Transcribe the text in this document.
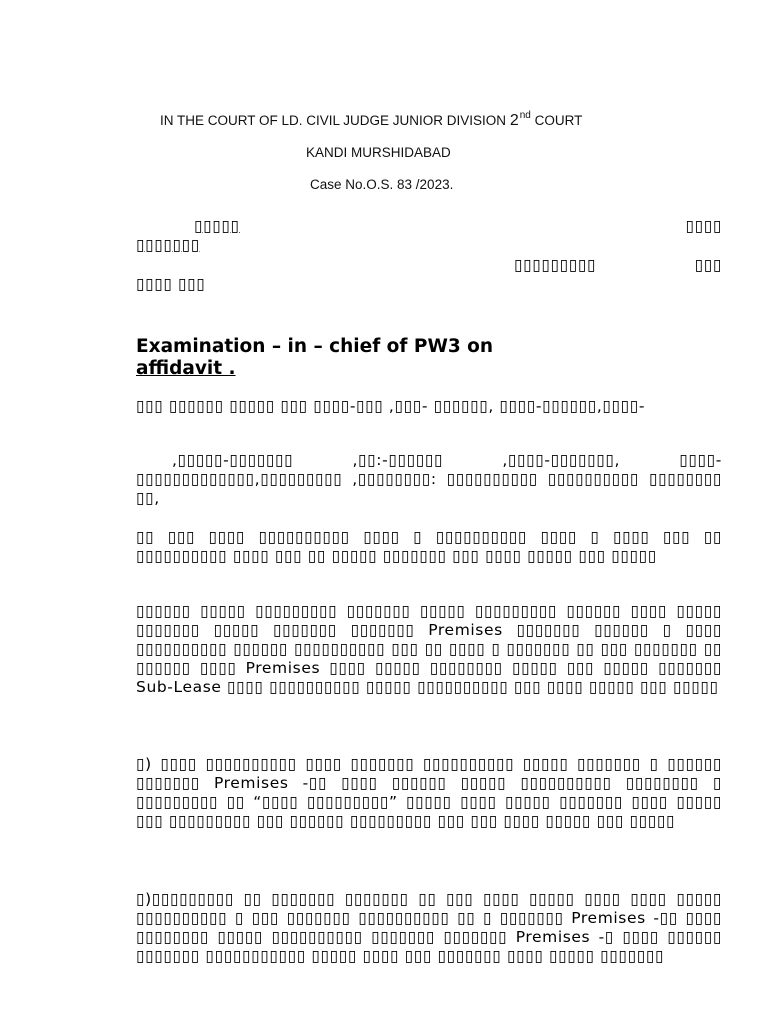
IN THE COURT OF LD. CIVIL JUDGE JUNIOR DIVISION 2nd COURT
KANDI MURSHIDABAD
Case No.O.S. 83 /2023.
▯▯▯▯▯	▯▯▯▯
▯▯▯▯▯▯▯
▯▯▯▯▯▯▯▯▯	▯▯▯
▯▯▯▯ ▯▯▯
Examination – in – chief of PW3 on
affidavit .
▯▯▯ ▯▯▯▯▯▯ ▯▯▯▯▯ ▯▯▯ ▯▯▯▯-▯▯▯ ,▯▯▯- ▯▯▯▯▯▯, ▯▯▯▯-▯▯▯▯▯▯,▯▯▯▯-
,▯▯▯▯▯-▯▯▯▯▯▯▯ ,▯▯:-▯▯▯▯▯▯ ,▯▯▯▯-▯▯▯▯▯▯▯, ▯▯▯▯- ▯▯▯▯▯▯▯▯▯▯▯▯▯,▯▯▯▯▯▯▯▯▯ ,▯▯▯▯▯▯▯▯: ▯▯▯▯▯▯▯▯▯▯ ▯▯▯▯▯▯▯▯▯▯ ▯▯▯▯▯▯▯▯ ▯▯,
▯▯ ▯▯▯ ▯▯▯▯ ▯▯▯▯▯▯▯▯▯▯ ▯▯▯▯ ▯ ▯▯▯▯▯▯▯▯▯▯ ▯▯▯▯ ▯ ▯▯▯▯ ▯▯▯ ▯▯ ▯▯▯▯▯▯▯▯▯▯ ▯▯▯▯ ▯▯▯ ▯▯ ▯▯▯▯▯ ▯▯▯▯▯▯▯ ▯▯▯ ▯▯▯▯ ▯▯▯▯▯ ▯▯▯ ▯▯▯▯▯
▯▯▯▯▯▯ ▯▯▯▯▯ ▯▯▯▯▯▯▯▯▯ ▯▯▯▯▯▯▯ ▯▯▯▯▯ ▯▯▯▯▯▯▯▯▯ ▯▯▯▯▯▯ ▯▯▯▯ ▯▯▯▯▯ ▯▯▯▯▯▯▯ ▯▯▯▯▯ ▯▯▯▯▯▯▯ ▯▯▯▯▯▯▯ Premises ▯▯▯▯▯▯▯ ▯▯▯▯▯▯ ▯ ▯▯▯▯ ▯▯▯▯▯▯▯▯▯▯ ▯▯▯▯▯▯ ▯▯▯▯▯▯▯▯▯▯ ▯▯▯ ▯▯ ▯▯▯▯ ▯ ▯▯▯▯▯▯▯ ▯▯ ▯▯▯ ▯▯▯▯▯▯▯ ▯▯ ▯▯▯▯▯▯ ▯▯▯▯ Premises ▯▯▯▯ ▯▯▯▯▯ ▯▯▯▯▯▯▯▯ ▯▯▯▯▯ ▯▯▯ ▯▯▯▯▯ ▯▯▯▯▯▯▯ Sub-Lease ▯▯▯▯ ▯▯▯▯▯▯▯▯▯▯ ▯▯▯▯▯ ▯▯▯▯▯▯▯▯▯▯ ▯▯▯ ▯▯▯▯ ▯▯▯▯▯ ▯▯▯ ▯▯▯▯▯
▯) ▯▯▯▯ ▯▯▯▯▯▯▯▯▯▯ ▯▯▯▯ ▯▯▯▯▯▯▯ ▯▯▯▯▯▯▯▯▯▯ ▯▯▯▯▯ ▯▯▯▯▯▯▯ ▯ ▯▯▯▯▯▯ ▯▯▯▯▯▯▯ Premises -▯▯ ▯▯▯▯ ▯▯▯▯▯▯ ▯▯▯▯▯ ▯▯▯▯▯▯▯▯▯▯ ▯▯▯▯▯▯▯▯ ▯ ▯▯▯▯▯▯▯▯▯ ▯▯ “▯▯▯▯ ▯▯▯▯▯▯▯▯▯” ▯▯▯▯▯ ▯▯▯▯ ▯▯▯▯▯ ▯▯▯▯▯▯▯ ▯▯▯▯ ▯▯▯▯▯ ▯▯▯ ▯▯▯▯▯▯▯▯▯ ▯▯▯ ▯▯▯▯▯▯ ▯▯▯▯▯▯▯▯▯ ▯▯▯ ▯▯▯ ▯▯▯▯ ▯▯▯▯▯ ▯▯▯ ▯▯▯▯▯
▯)▯▯▯▯▯▯▯▯▯ ▯▯ ▯▯▯▯▯▯▯ ▯▯▯▯▯▯▯ ▯▯ ▯▯▯ ▯▯▯▯ ▯▯▯▯▯ ▯▯▯▯ ▯▯▯▯ ▯▯▯▯▯ ▯▯▯▯▯▯▯▯▯▯ ▯ ▯▯▯ ▯▯▯▯▯▯▯ ▯▯▯▯▯▯▯▯▯▯ ▯▯ ▯ ▯▯▯▯▯▯▯ Premises -▯▯ ▯▯▯▯ ▯▯▯▯▯▯▯▯ ▯▯▯▯▯ ▯▯▯▯▯▯▯▯▯▯ ▯▯▯▯▯▯▯ ▯▯▯▯▯▯▯ Premises -▯ ▯▯▯▯ ▯▯▯▯▯▯ ▯▯▯▯▯▯▯ ▯▯▯▯▯▯▯▯▯▯▯ ▯▯▯▯▯ ▯▯▯▯ ▯▯▯ ▯▯▯▯▯▯▯ ▯▯▯▯ ▯▯▯▯▯ ▯▯▯▯▯▯▯
